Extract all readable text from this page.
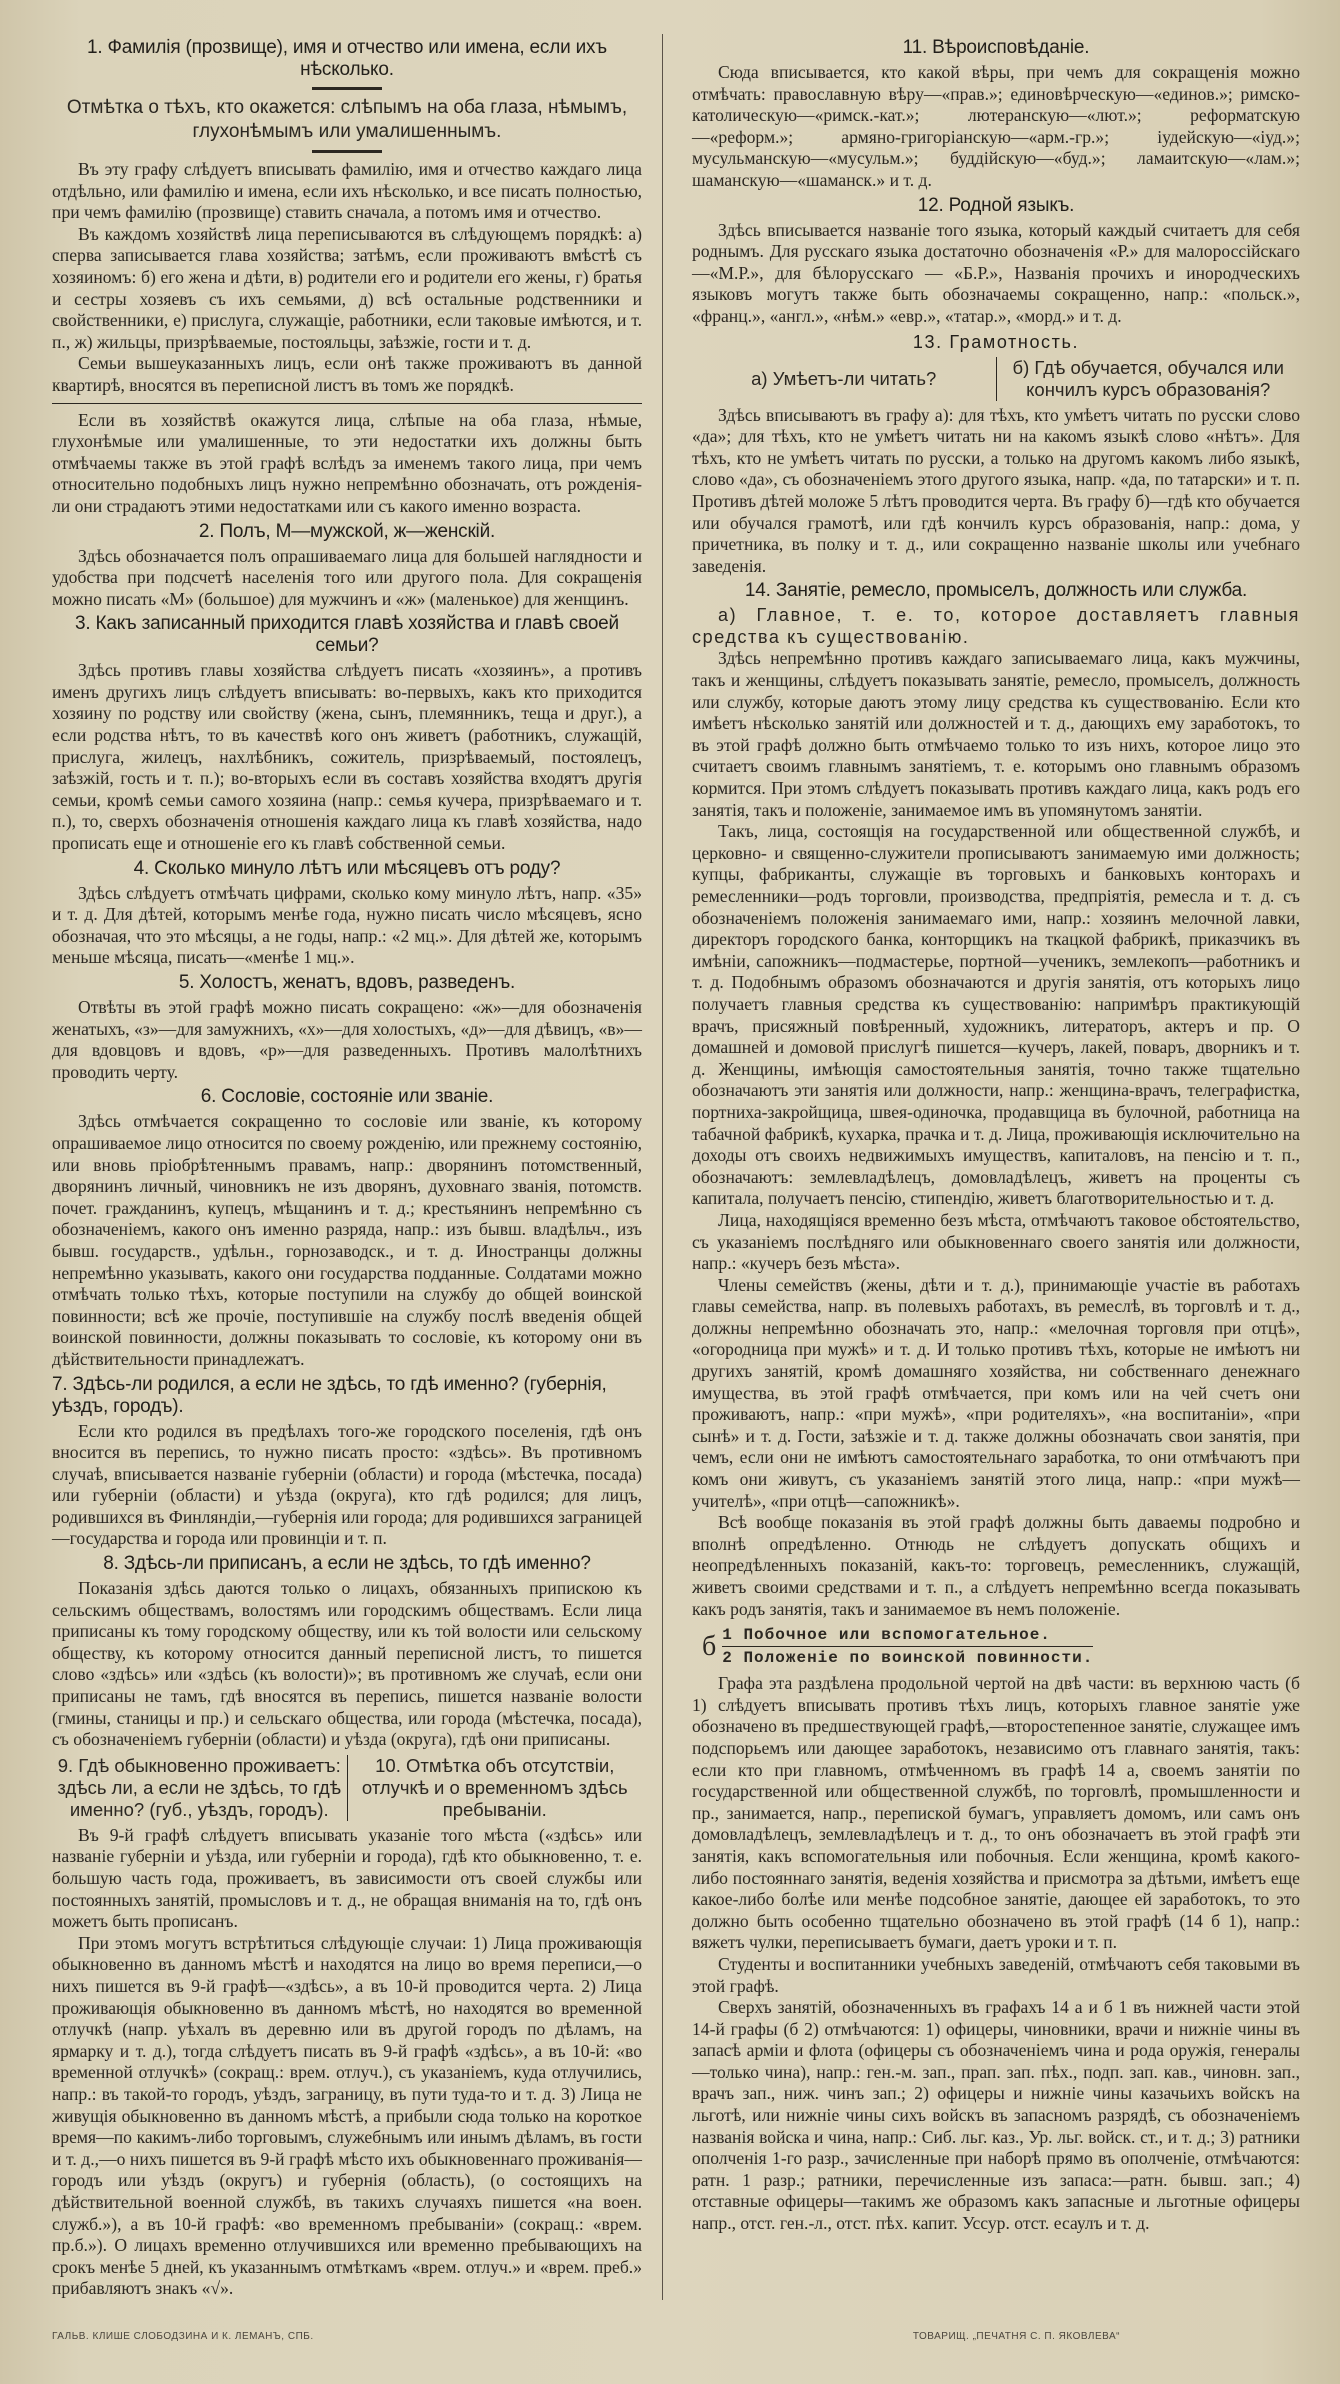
1. Фамилія (прозвище), имя и отчество или имена, если ихъ нѣсколько.
Отмѣтка о тѣхъ, кто окажется: слѣпымъ на оба глаза, нѣмымъ, глухонѣмымъ или умалишеннымъ.

Въ эту графу слѣдуетъ вписывать фамилію, имя и отчество каждаго лица отдѣльно, или фамилію и имена, если ихъ нѣсколько, и все писать полностью, при чемъ фамилію (прозвище) ставить сначала, а потомъ имя и отчество.

Въ каждомъ хозяйствѣ лица переписываются въ слѣдующемъ порядкѣ: а) сперва записывается глава хозяйства; затѣмъ, если проживаютъ вмѣстѣ съ хозяиномъ: б) его жена и дѣти, в) родители его и родители его жены, г) братья и сестры хозяевъ съ ихъ семьями, д) всѣ остальные родственники и свойственники, е) прислуга, служащіе, работники, если таковые имѣются, и т. п., ж) жильцы, призрѣваемые, постояльцы, заѣзжіе, гости и т. д.

Семьи вышеуказанныхъ лицъ, если онѣ также проживаютъ въ данной квартирѣ, вносятся въ переписной листъ въ томъ же порядкѣ.

Если въ хозяйствѣ окажутся лица, слѣпые на оба глаза, нѣмые, глухонѣмые или умалишенные, то эти недостатки ихъ должны быть отмѣчаемы также въ этой графѣ вслѣдъ за именемъ такого лица, при чемъ относительно подобныхъ лицъ нужно непремѣнно обозначать, отъ рожденія-ли они страдаютъ этими недостатками или съ какого именно возраста.

2. Полъ, М—мужской, ж—женскій.

Здѣсь обозначается полъ опрашиваемаго лица для большей наглядности и удобства при подсчетѣ населенія того или другого пола. Для сокращенія можно писать «М» (большое) для мужчинъ и «ж» (маленькое) для женщинъ.

3. Какъ записанный приходится главѣ хозяйства и главѣ своей семьи?

Здѣсь противъ главы хозяйства слѣдуетъ писать «хозяинъ», а противъ именъ другихъ лицъ слѣдуетъ вписывать: во-первыхъ, какъ кто приходится хозяину по родству или свойству (жена, сынъ, племянникъ, теща и друг.), а если родства нѣтъ, то въ качествѣ кого онъ живетъ (работникъ, служащій, прислуга, жилецъ, нахлѣбникъ, сожитель, призрѣваемый, постоялецъ, заѣзжій, гость и т. п.); во-вторыхъ если въ составъ хозяйства входятъ другія семьи, кромѣ семьи самого хозяина (напр.: семья кучера, призрѣваемаго и т. п.), то, сверхъ обозначенія отношенія каждаго лица къ главѣ хозяйства, надо прописать еще и отношеніе его къ главѣ собственной семьи.

4. Сколько минуло лѣтъ или мѣсяцевъ отъ роду?

Здѣсь слѣдуетъ отмѣчать цифрами, сколько кому минуло лѣтъ, напр. «35» и т. д. Для дѣтей, которымъ менѣе года, нужно писать число мѣсяцевъ, ясно обозначая, что это мѣсяцы, а не годы, напр.: «2 мц.». Для дѣтей же, которымъ меньше мѣсяца, писать—«менѣе 1 мц.».

5. Холостъ, женатъ, вдовъ, разведенъ.

Отвѣты въ этой графѣ можно писать сокращено: «ж»—для обозначенія женатыхъ, «з»—для замужнихъ, «х»—для холостыхъ, «д»—для дѣвицъ, «в»—для вдовцовъ и вдовъ, «р»—для разведенныхъ. Противъ малолѣтнихъ проводить черту.

6. Сословіе, состояніе или званіе.

Здѣсь отмѣчается сокращенно то сословіе или званіе, къ которому опрашиваемое лицо относится по своему рожденію, или прежнему состоянію, или вновь пріобрѣтеннымъ правамъ, напр.: дворянинъ потомственный, дворянинъ личный, чиновникъ не изъ дворянъ, духовнаго званія, потомств. почет. гражданинъ, купецъ, мѣщанинъ и т. д.; крестьянинъ непремѣнно съ обозначеніемъ, какого онъ именно разряда, напр.: изъ бывш. владѣльч., изъ бывш. государств., удѣльн., горнозаводск., и т. д. Иностранцы должны непремѣнно указывать, какого они государства подданные. Солдатами можно отмѣчать только тѣхъ, которые поступили на службу до общей воинской повинности; всѣ же прочіе, поступившіе на службу послѣ введенія общей воинской повинности, должны показывать то сословіе, къ которому они въ дѣйствительности принадлежатъ.

7. Здѣсь-ли родился, а если не здѣсь, то гдѣ именно? (губернія, уѣздъ, городъ).

Если кто родился въ предѣлахъ того-же городского поселенія, гдѣ онъ вносится въ перепись, то нужно писать просто: «здѣсь». Въ противномъ случаѣ, вписывается названіе губерніи (области) и города (мѣстечка, посада) или губерніи (области) и уѣзда (округа), кто гдѣ родился; для лицъ, родившихся въ Финляндіи,—губернія или города; для родившихся заграницей—государства и города или провинціи и т. п.

8. Здѣсь-ли приписанъ, а если не здѣсь, то гдѣ именно?

Показанія здѣсь даются только о лицахъ, обязанныхъ припискою къ сельскимъ обществамъ, волостямъ или городскимъ обществамъ. Если лица приписаны къ тому городскому обществу, или къ той волости или сельскому обществу, къ которому относится данный переписной листъ, то пишется слово «здѣсь» или «здѣсь (къ волости)»; въ противномъ же случаѣ, если они приписаны не тамъ, гдѣ вносятся въ перепись, пишется названіе волости (гмины, станицы и пр.) и сельскаго общества, или города (мѣстечка, посада), съ обозначеніемъ губерніи (области) и уѣзда (округа), гдѣ они приписаны.

9. Гдѣ обыкновенно проживаетъ: здѣсь ли, а если не здѣсь, то гдѣ именно? (губ., уѣздъ, городъ).
10. Отмѣтка объ отсутствіи, отлучкѣ и о временномъ здѣсь пребываніи.

Въ 9-й графѣ слѣдуетъ вписывать указаніе того мѣста («здѣсь» или названіе губерніи и уѣзда, или губерніи и города), гдѣ кто обыкновенно, т. е. большую часть года, проживаетъ, въ зависимости отъ своей службы или постоянныхъ занятій, промысловъ и т. д., не обращая вниманія на то, гдѣ онъ можетъ быть прописанъ.

При этомъ могутъ встрѣтиться слѣдующіе случаи: 1) Лица проживающія обыкновенно въ данномъ мѣстѣ и находятся на лицо во время переписи,—о нихъ пишется въ 9-й графѣ—«здѣсь», а въ 10-й проводится черта. 2) Лица проживающія обыкновенно въ данномъ мѣстѣ, но находятся во временной отлучкѣ (напр. уѣхалъ въ деревню или въ другой городъ по дѣламъ, на ярмарку и т. д.), тогда слѣдуетъ писать въ 9-й графѣ «здѣсь», а въ 10-й: «во временной отлучкѣ» (сокращ.: врем. отлуч.), съ указаніемъ, куда отлучились, напр.: въ такой-то городъ, уѣздъ, заграницу, въ пути туда-то и т. д. 3) Лица не живущія обыкновенно въ данномъ мѣстѣ, а прибыли сюда только на короткое время—по какимъ-либо торговымъ, служебнымъ или инымъ дѣламъ, въ гости и т. д.,—о нихъ пишется въ 9-й графѣ мѣсто ихъ обыкновеннаго проживанія—городъ или уѣздъ (округъ) и губернія (область), (о состоящихъ на дѣйствительной военной службѣ, въ такихъ случаяхъ пишется «на воен. служб.»), а въ 10-й графѣ: «во временномъ пребываніи» (сокращ.: «врем. пр.б.»). О лицахъ временно отлучившихся или временно пребывающихъ на срокъ менѣе 5 дней, къ указаннымъ отмѣткамъ «врем. отлуч.» и «врем. преб.» прибавляютъ знакъ «√».

11. Вѣроисповѣданіе.

Сюда вписывается, кто какой вѣры, при чемъ для сокращенія можно отмѣчать: православную вѣру—«прав.»; единовѣрческую—«единов.»; римско-католическую—«римск.-кат.»; лютеранскую—«лют.»; реформатскую—«реформ.»; армяно-григоріанскую—«арм.-гр.»; іудейскую—«іуд.»; мусульманскую—«мусульм.»; буддійскую—«буд.»; ламаитскую—«лам.»; шаманскую—«шаманск.» и т. д.

12. Родной языкъ.

Здѣсь вписывается названіе того языка, который каждый считаетъ для себя роднымъ. Для русскаго языка достаточно обозначенія «Р.» для малороссійскаго—«М.Р.», для бѣлорусскаго — «Б.Р.», Названія прочихъ и инородческихъ языковъ могутъ также быть обозначаемы сокращенно, напр.: «польск.», «франц.», «англ.», «нѣм.» «евр.», «татар.», «морд.» и т. д.

13. Грамотность.
а) Умѣетъ-ли читать?
б) Гдѣ обучается, обучался или кончилъ курсъ образованія?

Здѣсь вписываютъ въ графу а): для тѣхъ, кто умѣетъ читать по русски слово «да»; для тѣхъ, кто не умѣетъ читать ни на какомъ языкѣ слово «нѣтъ». Для тѣхъ, кто не умѣетъ читать по русски, а только на другомъ какомъ либо языкѣ, слово «да», съ обозначеніемъ этого другого языка, напр. «да, по татарски» и т. п. Противъ дѣтей моложе 5 лѣтъ проводится черта. Въ графу б)—гдѣ кто обучается или обучался грамотѣ, или гдѣ кончилъ курсъ образованія, напр.: дома, у причетника, въ полку и т. д., или сокращенно названіе школы или учебнаго заведенія.

14. Занятіе, ремесло, промыселъ, должность или служба.

а) Главное, т. е. то, которое доставляетъ главныя средства къ существованію.

Здѣсь непремѣнно противъ каждаго записываемаго лица, какъ мужчины, такъ и женщины, слѣдуетъ показывать занятіе, ремесло, промыселъ, должность или службу, которые даютъ этому лицу средства къ существованію. Если кто имѣетъ нѣсколько занятій или должностей и т. д., дающихъ ему заработокъ, то въ этой графѣ должно быть отмѣчаемо только то изъ нихъ, которое лицо это считаетъ своимъ главнымъ занятіемъ, т. е. которымъ оно главнымъ образомъ кормится. При этомъ слѣдуетъ показывать противъ каждаго лица, какъ родъ его занятія, такъ и положеніе, занимаемое имъ въ упомянутомъ занятіи.

Такъ, лица, состоящія на государственной или общественной службѣ, и церковно- и священно-служители прописываютъ занимаемую ими должность; купцы, фабриканты, служащіе въ торговыхъ и банковыхъ конторахъ и ремесленники—родъ торговли, производства, предпріятія, ремесла и т. д. съ обозначеніемъ положенія занимаемаго ими, напр.: хозяинъ мелочной лавки, директоръ городского банка, конторщикъ на ткацкой фабрикѣ, приказчикъ въ имѣніи, сапожникъ—подмастерье, портной—ученикъ, землекопъ—работникъ и т. д. Подобнымъ образомъ обозначаются и другія занятія, отъ которыхъ лицо получаетъ главныя средства къ существованію: напримѣръ практикующій врачъ, присяжный повѣренный, художникъ, литераторъ, актеръ и пр. О домашней и домовой прислугѣ пишется—кучеръ, лакей, поваръ, дворникъ и т. д. Женщины, имѣющія самостоятельныя занятія, точно также тщательно обозначаютъ эти занятія или должности, напр.: женщина-врачъ, телеграфистка, портниха-закройщица, швея-одиночка, продавщица въ булочной, работница на табачной фабрикѣ, кухарка, прачка и т. д. Лица, проживающія исключительно на доходы отъ своихъ недвижимыхъ имуществъ, капиталовъ, на пенсію и т. п., обозначаютъ: землевладѣлецъ, домовладѣлецъ, живетъ на проценты съ капитала, получаетъ пенсію, стипендію, живетъ благотворительностью и т. д.

Лица, находящіяся временно безъ мѣста, отмѣчаютъ таковое обстоятельство, съ указаніемъ послѣдняго или обыкновеннаго своего занятія или должности, напр.: «кучеръ безъ мѣста».

Члены семействъ (жены, дѣти и т. д.), принимающіе участіе въ работахъ главы семейства, напр. въ полевыхъ работахъ, въ ремеслѣ, въ торговлѣ и т. д., должны непремѣнно обозначать это, напр.: «мелочная торговля при отцѣ», «огородница при мужѣ» и т. д. И только противъ тѣхъ, которые не имѣютъ ни другихъ занятій, кромѣ домашняго хозяйства, ни собственнаго денежнаго имущества, въ этой графѣ отмѣчается, при комъ или на чей счетъ они проживаютъ, напр.: «при мужѣ», «при родителяхъ», «на воспитаніи», «при сынѣ» и т. д. Гости, заѣзжіе и т. д. также должны обозначать свои занятія, при чемъ, если они не имѣютъ самостоятельнаго заработка, то они отмѣчаютъ при комъ они живутъ, съ указаніемъ занятій этого лица, напр.: «при мужѣ—учителѣ», «при отцѣ—сапожникѣ».

Всѣ вообще показанія въ этой графѣ должны быть даваемы подробно и вполнѣ опредѣленно. Отнюдь не слѣдуетъ допускать общихъ и неопредѣленныхъ показаній, какъ-то: торговецъ, ремесленникъ, служащій, живетъ своими средствами и т. п., а слѣдуетъ непремѣнно всегда показывать какъ родъ занятія, такъ и занимаемое въ немъ положеніе.

б 1 Побочное или вспомогательное.
2 Положеніе по воинской повинности.

Графа эта раздѣлена продольной чертой на двѣ части: въ верхнюю часть (б 1) слѣдуетъ вписывать противъ тѣхъ лицъ, которыхъ главное занятіе уже обозначено въ предшествующей графѣ,—второстепенное занятіе, служащее имъ подспорьемъ или дающее заработокъ, независимо отъ главнаго занятія, такъ: если кто при главномъ, отмѣченномъ въ графѣ 14 а, своемъ занятіи по государственной или общественной службѣ, по торговлѣ, промышленности и пр., занимается, напр., перепиской бумагъ, управляетъ домомъ, или самъ онъ домовладѣлецъ, землевладѣлецъ и т. д., то онъ обозначаетъ въ этой графѣ эти занятія, какъ вспомогательныя или побочныя. Если женщина, кромѣ какого-либо постояннаго занятія, веденія хозяйства и присмотра за дѣтьми, имѣетъ еще какое-либо болѣе или менѣе подсобное занятіе, дающее ей заработокъ, то это должно быть особенно тщательно обозначено въ этой графѣ (14 б 1), напр.: вяжетъ чулки, переписываетъ бумаги, даетъ уроки и т. п.

Студенты и воспитанники учебныхъ заведеній, отмѣчаютъ себя таковыми въ этой графѣ.

Сверхъ занятій, обозначенныхъ въ графахъ 14 а и б 1 въ нижней части этой 14-й графы (б 2) отмѣчаются: 1) офицеры, чиновники, врачи и нижніе чины въ запасѣ арміи и флота (офицеры съ обозначеніемъ чина и рода оружія, генералы—только чина), напр.: ген.-м. зап., прап. зап. пѣх., подп. зап. кав., чиновн. зап., врачъ зап., ниж. чинъ зап.; 2) офицеры и нижніе чины казачьихъ войскъ на льготѣ, или нижніе чины сихъ войскъ въ запасномъ разрядѣ, съ обозначеніемъ названія войска и чина, напр.: Сиб. льг. каз., Ур. льг. войск. ст., и т. д.; 3) ратники ополченія 1-го разр., зачисленные при наборѣ прямо въ ополченіе, отмѣчаются: ратн. 1 разр.; ратники, перечисленные изъ запаса:—ратн. бывш. зап.; 4) отставные офицеры—такимъ же образомъ какъ запасные и льготные офицеры напр., отст. ген.-л., отст. пѣх. капит. Уссур. отст. есаулъ и т. д.

ГАЛЬВ. КЛИШЕ СЛОБОДЗИНА И К. ЛЕМАНЪ, СПБ.	ТОВАРИЩ. „ПЕЧАТНЯ С. П. ЯКОВЛЕВА“
